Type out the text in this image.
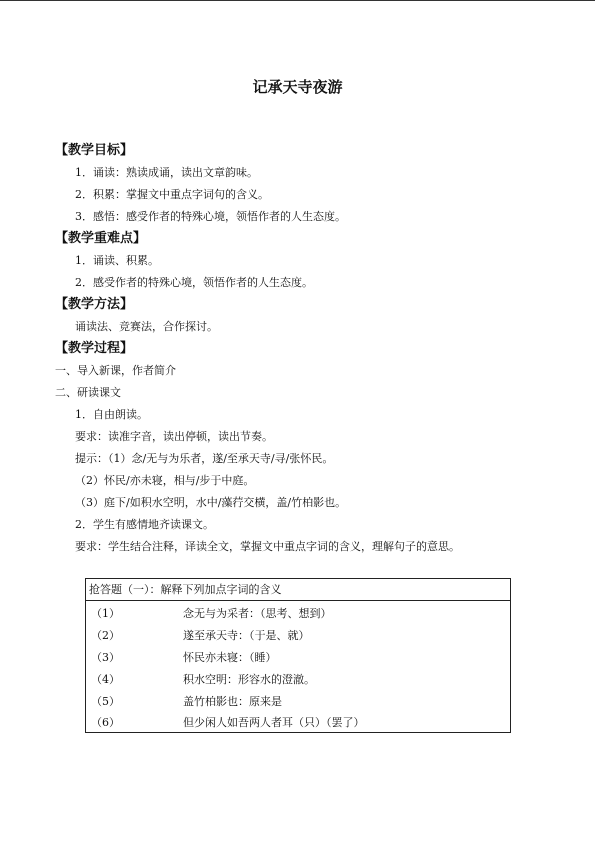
记承天寺夜游
【教学目标】
1．诵读：熟读成诵，读出文章韵味。
2．积累：掌握文中重点字词句的含义。
3．感悟：感受作者的特殊心境，领悟作者的人生态度。
【教学重难点】
1．诵读、积累。
2．感受作者的特殊心境，领悟作者的人生态度。
【教学方法】
诵读法、竞赛法，合作探讨。
【教学过程】
一、导入新课，作者简介
二、研读课文
1．自由朗读。
要求：读准字音，读出停顿，读出节奏。
提示：（1）念/无与为乐者，遂/至承天寺/寻/张怀民。
（2）怀民/亦未寝，相与/步于中庭。
（3）庭下/如积水空明，水中/藻荇交横，盖/竹柏影也。
2．学生有感情地齐读课文。
要求：学生结合注释，译读全文，掌握文中重点字词的含义，理解句子的意思。
抢答题（一）：解释下列加点字词的含义
（1）	念无与为采者：（思考、想到）
（2）	遂至承天寺：（于是、就）
（3）	怀民亦未寝：（睡）
（4）	积水空明：形容水的澄澈。
（5）	盖竹柏影也：原来是
（6）	但少闲人如吾两人者耳（只）（罢了）
